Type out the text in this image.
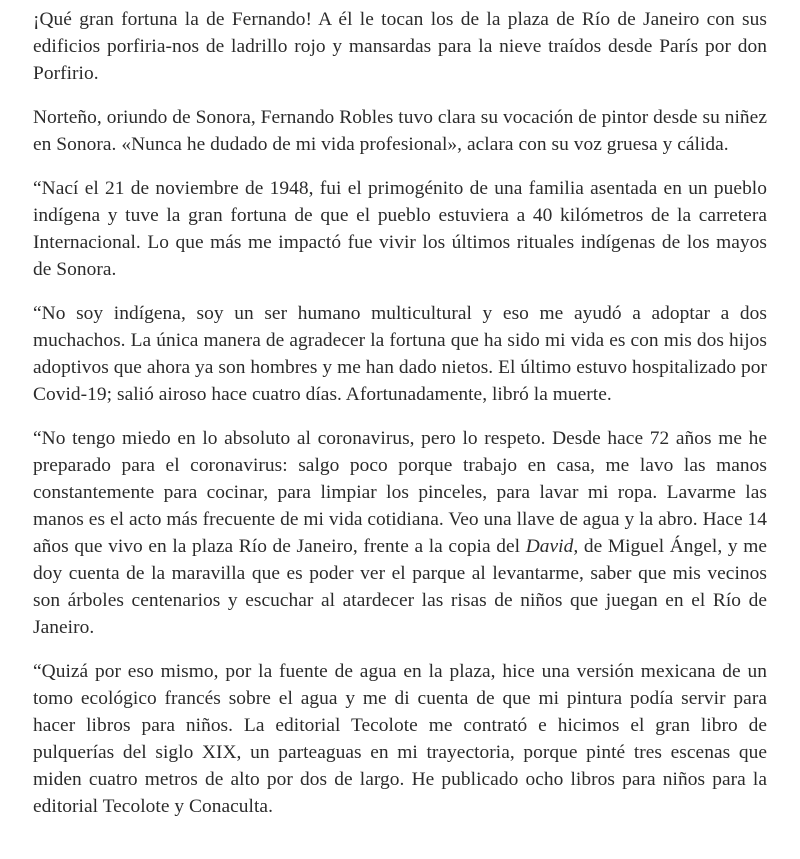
¡Qué gran fortuna la de Fernando! A él le tocan los de la plaza de Río de Janeiro con sus edificios porfiria-nos de ladrillo rojo y mansardas para la nieve traídos desde París por don Porfirio.

Norteño, oriundo de Sonora, Fernando Robles tuvo clara su vocación de pintor desde su niñez en Sonora. «Nunca he dudado de mi vida profesional», aclara con su voz gruesa y cálida.

“Nací el 21 de noviembre de 1948, fui el primogénito de una familia asentada en un pueblo indígena y tuve la gran fortuna de que el pueblo estuviera a 40 kilómetros de la carretera Internacional. Lo que más me impactó fue vivir los últimos rituales indígenas de los mayos de Sonora.

“No soy indígena, soy un ser humano multicultural y eso me ayudó a adoptar a dos muchachos. La única manera de agradecer la fortuna que ha sido mi vida es con mis dos hijos adoptivos que ahora ya son hombres y me han dado nietos. El último estuvo hospitalizado por Covid-19; salió airoso hace cuatro días. Afortunadamente, libró la muerte.

“No tengo miedo en lo absoluto al coronavirus, pero lo respeto. Desde hace 72 años me he preparado para el coronavirus: salgo poco porque trabajo en casa, me lavo las manos constantemente para cocinar, para limpiar los pinceles, para lavar mi ropa. Lavarme las manos es el acto más frecuente de mi vida cotidiana. Veo una llave de agua y la abro. Hace 14 años que vivo en la plaza Río de Janeiro, frente a la copia del David, de Miguel Ángel, y me doy cuenta de la maravilla que es poder ver el parque al levantarme, saber que mis vecinos son árboles centenarios y escuchar al atardecer las risas de niños que juegan en el Río de Janeiro.

“Quizá por eso mismo, por la fuente de agua en la plaza, hice una versión mexicana de un tomo ecológico francés sobre el agua y me di cuenta de que mi pintura podía servir para hacer libros para niños. La editorial Tecolote me contrató e hicimos el gran libro de pulquerías del siglo XIX, un parteaguas en mi trayectoria, porque pinté tres escenas que miden cuatro metros de alto por dos de largo. He publicado ocho libros para niños para la editorial Tecolote y Conaculta.
